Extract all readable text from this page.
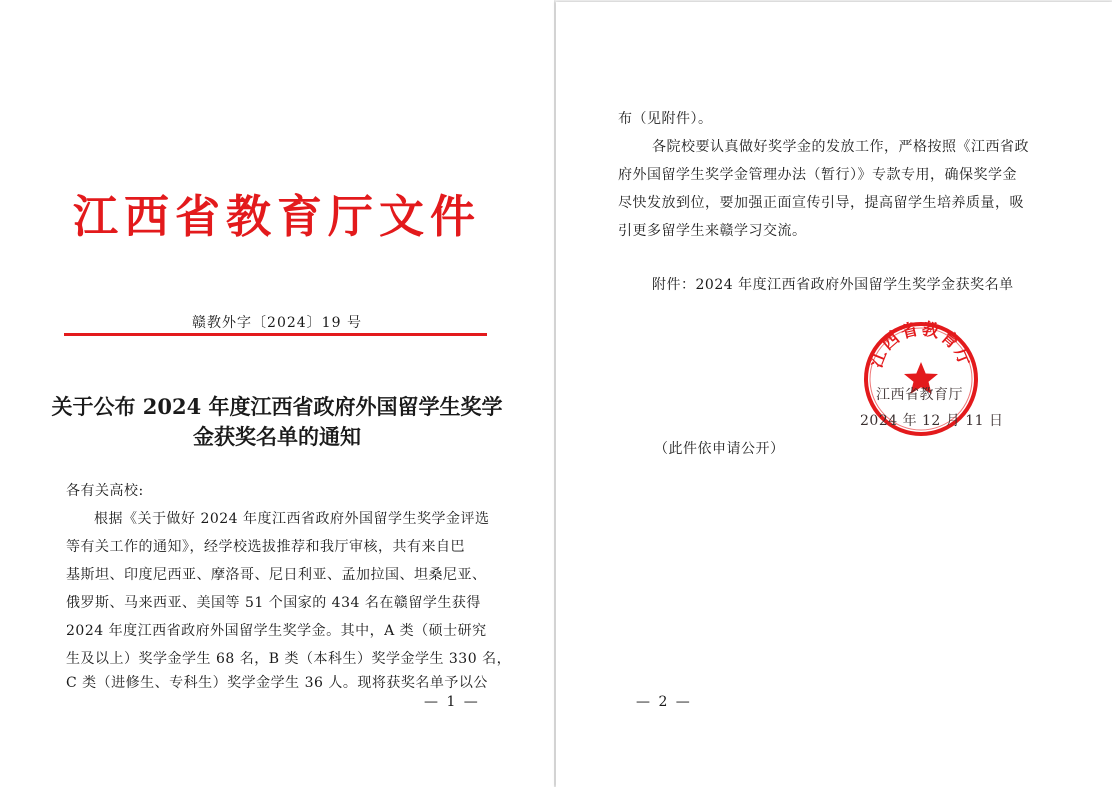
江西省教育厅文件
赣教外字〔2024〕19 号
关于公布 2024 年度江西省政府外国留学生奖学
金获奖名单的通知
各有关高校:
根据《关于做好 2024 年度江西省政府外国留学生奖学金评选
等有关工作的通知》，经学校选拔推荐和我厅审核，共有来自巴
基斯坦、印度尼西亚、摩洛哥、尼日利亚、孟加拉国、坦桑尼亚、
俄罗斯、马来西亚、美国等 51 个国家的 434 名在赣留学生获得
2024 年度江西省政府外国留学生奖学金。其中，A 类（硕士研究
生及以上）奖学金学生 68 名，B 类（本科生）奖学金学生 330 名，
C 类（进修生、专科生）奖学金学生 36 人。现将获奖名单予以公
— 1 —
布（见附件）。
各院校要认真做好奖学金的发放工作，严格按照《江西省政
府外国留学生奖学金管理办法（暂行）》专款专用，确保奖学金
尽快发放到位，要加强正面宣传引导，提高留学生培养质量，吸
引更多留学生来赣学习交流。
附件：2024 年度江西省政府外国留学生奖学金获奖名单
（此件依申请公开）
— 2 —
江西省教育厅
江西省教育厅
2024 年 12 月 11 日
